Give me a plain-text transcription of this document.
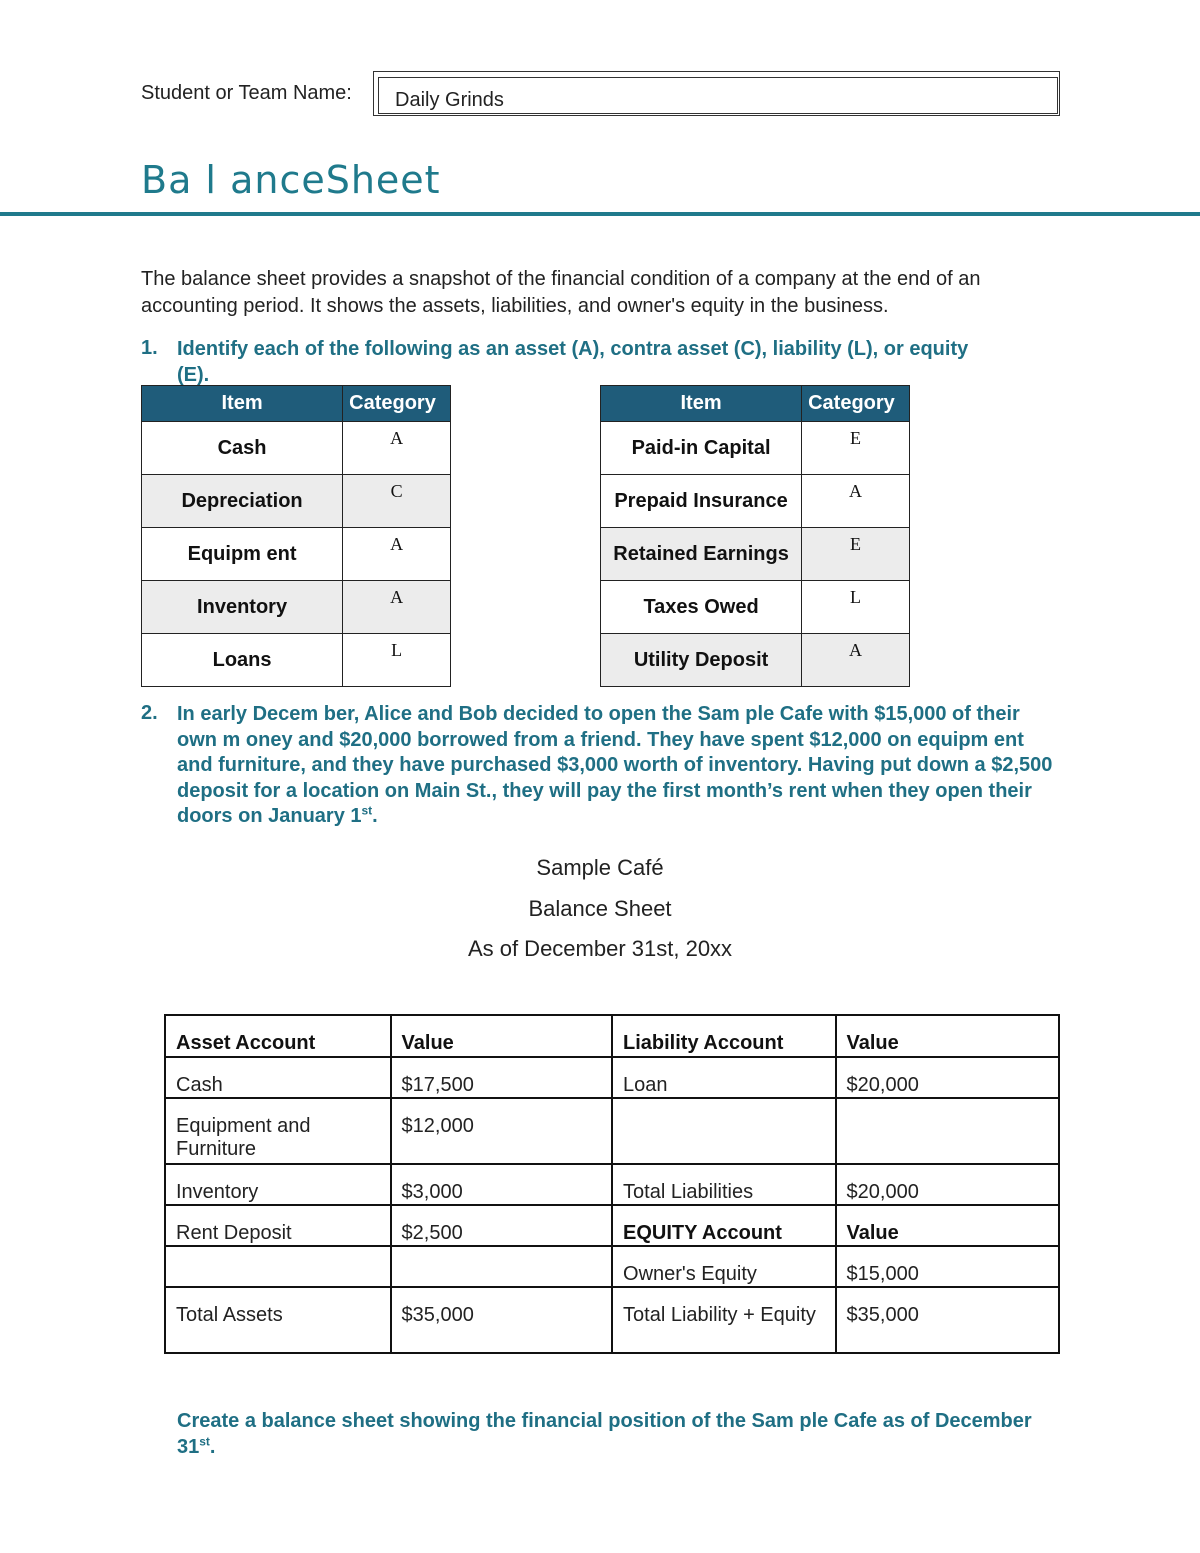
Student or Team Name: Daily Grinds
Ba l anceSheet
The balance sheet provides a snapshot of the financial condition of a company at the end of an accounting period. It shows the assets, liabilities, and owner's equity in the business.
1. Identify each of the following as an asset (A), contra asset (C), liability (L), or equity (E).
Item	Category
Cash	A
Depreciation	C
Equipm ent	A
Inventory	A
Loans	L
Item	Category
Paid-in Capital	E
Prepaid Insurance	A
Retained Earnings	E
Taxes Owed	L
Utility Deposit	A
2. In early Decem ber, Alice and Bob decided to open the Sam ple Cafe with $15,000 of their own m oney and $20,000 borrowed from a friend. They have spent $12,000 on equipm ent and furniture, and they have purchased $3,000 worth of inventory. Having put down a $2,500 deposit for a location on Main St., they will pay the first month’s rent when they open their doors on January 1st.
Sample Café
Balance Sheet
As of December 31st, 20xx
Asset Account	Value	Liability Account	Value
Cash	$17,500	Loan	$20,000
Equipment and Furniture	$12,000		
Inventory	$3,000	Total Liabilities	$20,000
Rent Deposit	$2,500	EQUITY Account	Value
		Owner's Equity	$15,000
Total Assets	$35,000	Total Liability + Equity	$35,000
Create a balance sheet showing the financial position of the Sam ple Cafe as of December 31st.
